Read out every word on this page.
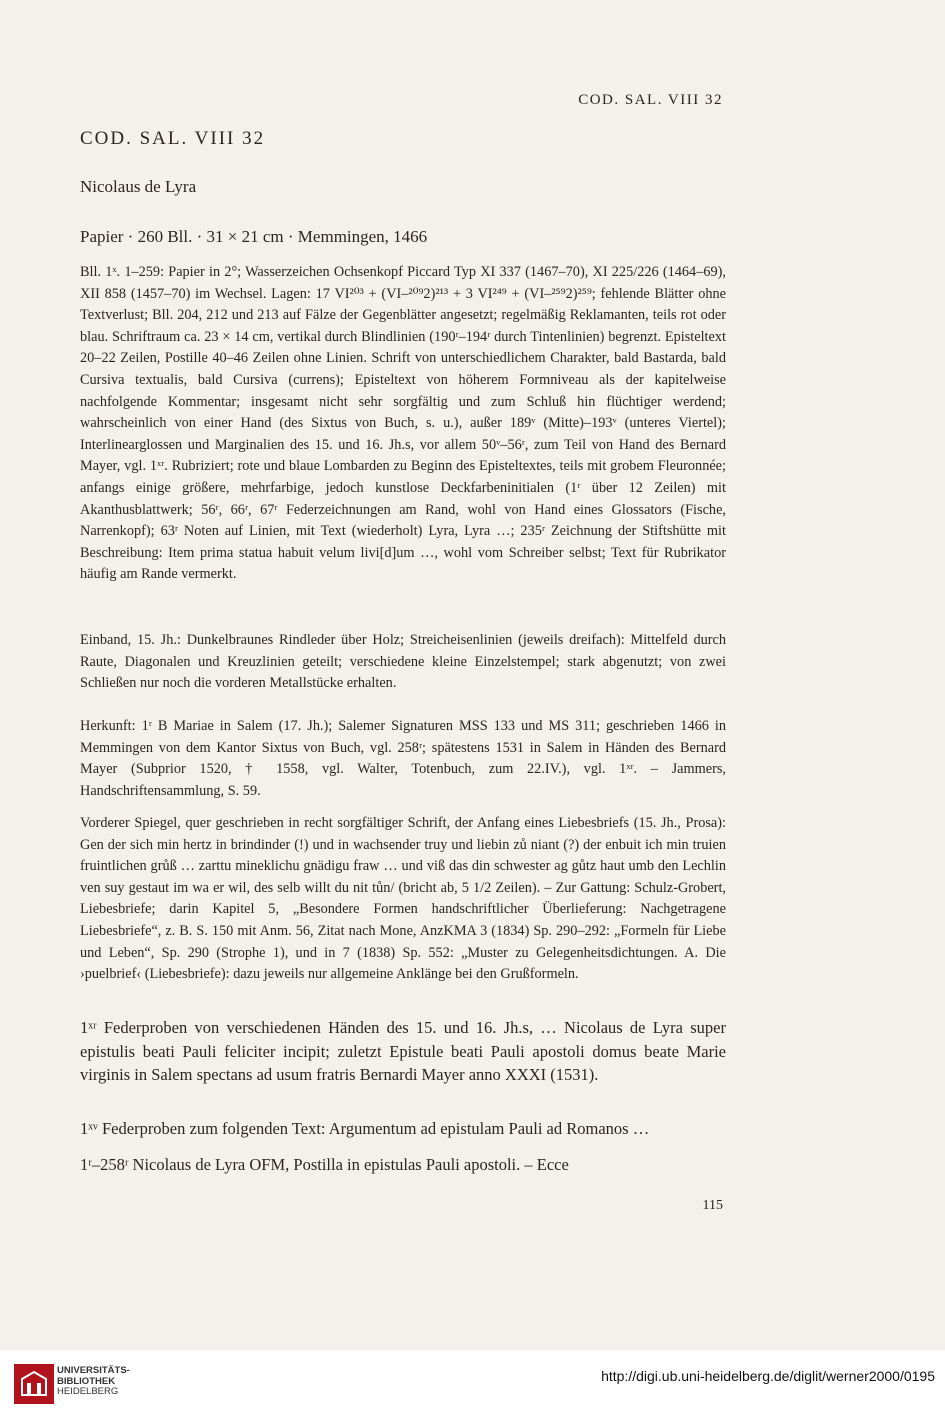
COD. SAL. VIII 32
COD. SAL. VIII 32
Nicolaus de Lyra
Papier · 260 Bll. · 31 × 21 cm · Memmingen, 1466

Bll. 1ˣ. 1–259: Papier in 2°; Wasserzeichen Ochsenkopf Piccard Typ XI 337 (1467–70), XI 225/226 (1464–69), XII 858 (1457–70) im Wechsel. Lagen: 17 VI²⁰³ + (VI–²⁰⁹2)²¹³ + 3 VI²⁴⁹ + (VI–²⁵⁹2)²⁵⁹; fehlende Blätter ohne Textverlust; Bll. 204, 212 und 213 auf Fälze der Gegenblätter angesetzt; regelmäßig Reklamanten, teils rot oder blau. Schriftraum ca. 23 × 14 cm, vertikal durch Blindlinien (190ʳ–194ʳ durch Tintenlinien) begrenzt. Episteltext 20–22 Zeilen, Postille 40–46 Zeilen ohne Linien. Schrift von unterschiedlichem Charakter, bald Bastarda, bald Cursiva textualis, bald Cursiva (currens); Episteltext von höherem Formniveau als der kapitelweise nachfolgende Kommentar; insgesamt nicht sehr sorgfältig und zum Schluß hin flüchtiger werdend; wahrscheinlich von einer Hand (des Sixtus von Buch, s. u.), außer 189ᵛ (Mitte)–193ᵛ (unteres Viertel); Interlinearglossen und Marginalien des 15. und 16. Jh.s, vor allem 50ᵛ–56ʳ, zum Teil von Hand des Bernard Mayer, vgl. 1ˣʳ. Rubriziert; rote und blaue Lombarden zu Beginn des Episteltextes, teils mit grobem Fleuronnée; anfangs einige größere, mehrfarbige, jedoch kunstlose Deckfarbeninitialen (1ʳ über 12 Zeilen) mit Akanthusblattwerk; 56ʳ, 66ʳ, 67ʳ Federzeichnungen am Rand, wohl von Hand eines Glossators (Fische, Narrenkopf); 63ʳ Noten auf Linien, mit Text (wiederholt) Lyra, Lyra …; 235ʳ Zeichnung der Stiftshütte mit Beschreibung: Item prima statua habuit velum livi[d]um …, wohl vom Schreiber selbst; Text für Rubrikator häufig am Rande vermerkt.

Einband, 15. Jh.: Dunkelbraunes Rindleder über Holz; Streicheisenlinien (jeweils dreifach): Mittelfeld durch Raute, Diagonalen und Kreuzlinien geteilt; verschiedene kleine Einzelstempel; stark abgenutzt; von zwei Schließen nur noch die vorderen Metallstücke erhalten.

Herkunft: 1ʳ B Mariae in Salem (17. Jh.); Salemer Signaturen MSS 133 und MS 311; geschrieben 1466 in Memmingen von dem Kantor Sixtus von Buch, vgl. 258ʳ; spätestens 1531 in Salem in Händen des Bernard Mayer (Subprior 1520, † 1558, vgl. Walter, Totenbuch, zum 22.IV.), vgl. 1ˣʳ. – Jammers, Handschriftensammlung, S. 59.

Vorderer Spiegel, quer geschrieben in recht sorgfältiger Schrift, der Anfang eines Liebesbriefs (15. Jh., Prosa): Gen der sich min hertz in brindinder (!) und in wachsender truy und liebin zů niant (?) der enbuit ich min truien fruintlichen grůß … zarttu mineklichu gnädigu fraw … und viß das din schwester ag gůtz haut umb den Lechlin ven suy gestaut im wa er wil, des selb willt du nit tůn/ (bricht ab, 5 1/2 Zeilen). – Zur Gattung: Schulz-Grobert, Liebesbriefe; darin Kapitel 5, „Besondere Formen handschriftlicher Überlieferung: Nachgetragene Liebesbriefe“, z. B. S. 150 mit Anm. 56, Zitat nach Mone, AnzKMA 3 (1834) Sp. 290–292: „Formeln für Liebe und Leben“, Sp. 290 (Strophe 1), und in 7 (1838) Sp. 552: „Muster zu Gelegenheitsdichtungen. A. Die ›puelbrief‹ (Liebesbriefe): dazu jeweils nur allgemeine Anklänge bei den Grußformeln.

1ˣʳ Federproben von verschiedenen Händen des 15. und 16. Jh.s, … Nicolaus de Lyra super epistulis beati Pauli feliciter incipit; zuletzt Epistule beati Pauli apostoli domus beate Marie virginis in Salem spectans ad usum fratris Bernardi Mayer anno XXXI (1531).

1ˣᵛ Federproben zum folgenden Text: Argumentum ad epistulam Pauli ad Romanos …

1ʳ–258ʳ Nicolaus de Lyra OFM, Postilla in epistulas Pauli apostoli. – Ecce

115
UNIVERSITÄTS-
BIBLIOTHEK
HEIDELBERG
http://digi.ub.uni-heidelberg.de/diglit/werner2000/0195
